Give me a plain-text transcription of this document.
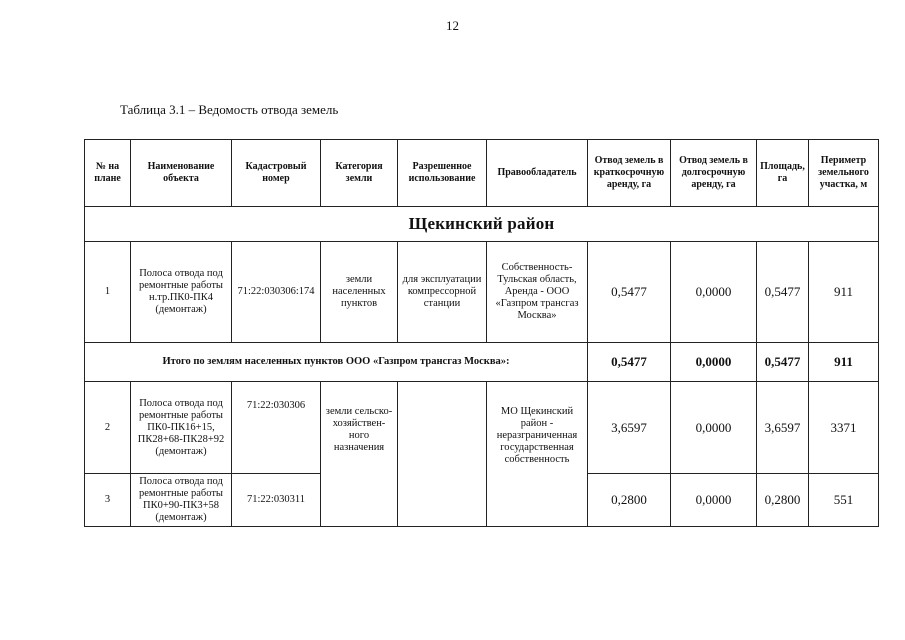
12
Таблица 3.1 – Ведомость отвода земель
№ на плане	Наименование объекта	Кадастровый номер	Категория земли	Разрешенное использование	Правообладатель	Отвод земель в краткосрочную аренду, га	Отвод земель в долгосрочную аренду, га	Площадь, га	Периметр земельного участка, м
Щекинский район									
1	Полоса отвода под ремонтные работы н.тр.ПК0-ПК4 (демонтаж)	71:22:030306:174	земли населенных пунктов	для эксплуатации компрессорной станции	Собственность-Тульская область, Аренда - ООО «Газпром трансгаз Москва»	0,5477	0,0000	0,5477	911
Итого по землям населенных пунктов ООО «Газпром трансгаз Москва»:						0,5477	0,0000	0,5477	911
2	Полоса отвода под ремонтные работы ПК0-ПК16+15, ПК28+68-ПК28+92 (демонтаж)	71:22:030306	земли сельско-хозяйствен-ного назначения		МО Щекинский район - неразграниченная государственная собственность	3,6597	0,0000	3,6597	3371
3	Полоса отвода под ремонтные работы ПК0+90-ПК3+58 (демонтаж)	71:22:030311				0,2800	0,0000	0,2800	551
